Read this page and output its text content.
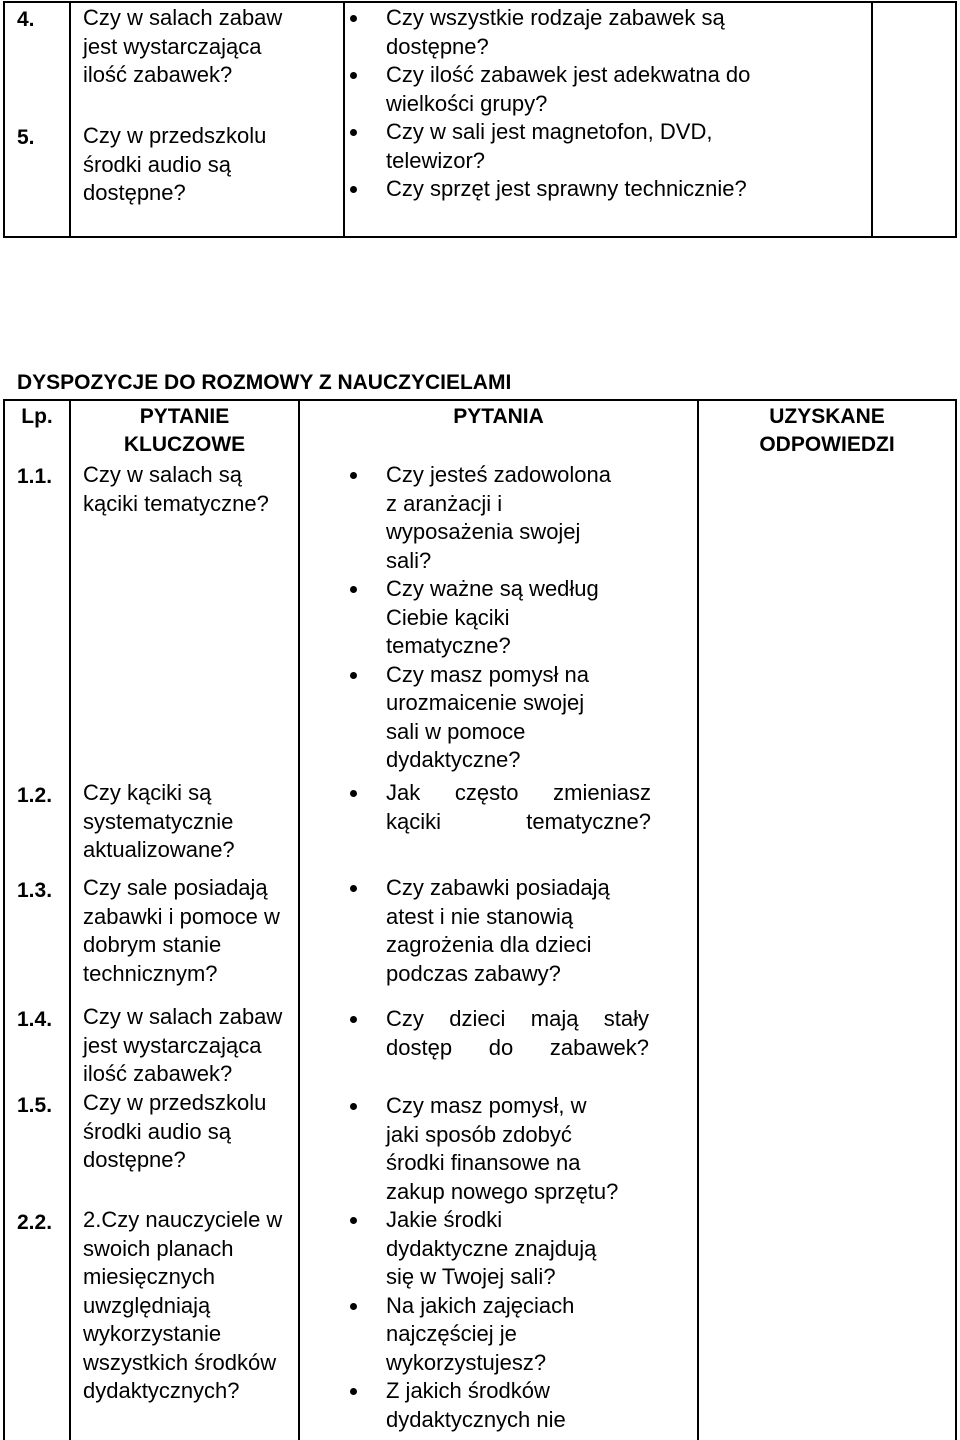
4. Czy w salach zabaw
jest wystarczająca
ilość zabawek?
5. Czy w przedszkolu
środki audio są
dostępne?
Czy wszystkie rodzaje zabawek są
dostępne?
Czy ilość zabawek jest adekwatna do
wielkości grupy?
Czy w sali jest magnetofon, DVD,
telewizor?
Czy sprzęt jest sprawny technicznie?
DYSPOZYCJE DO ROZMOWY Z NAUCZYCIELAMI
Lp.	PYTANIE
KLUCZOWE
PYTANIA	UZYSKANE
ODPOWIEDZI
1.1. Czy w salach są
kąciki tematyczne?
Czy jesteś zadowolona
z aranżacji i
wyposażenia swojej
sali?
Czy ważne są według
Ciebie kąciki
tematyczne?
Czy masz pomysł na
urozmaicenie swojej
sali w pomoce
dydaktyczne?
1.2. Czy kąciki są
systematycznie
aktualizowane?
Jak często zmieniasz
kąciki tematyczne?
1.3. Czy sale posiadają
zabawki i pomoce w
dobrym stanie
technicznym?
Czy zabawki posiadają
atest i nie stanowią
zagrożenia dla dzieci
podczas zabawy?
1.4. Czy w salach zabaw
jest wystarczająca
ilość zabawek?
Czy dzieci mają stały
dostęp do zabawek?
1.5. Czy w przedszkolu
środki audio są
dostępne?
Czy masz pomysł, w
jaki sposób zdobyć
środki finansowe na
zakup nowego sprzętu?
2.2. 2.Czy nauczyciele w
swoich planach
miesięcznych
uwzględniają
wykorzystanie
wszystkich środków
dydaktycznych?
Jakie środki
dydaktyczne znajdują
się w Twojej sali?
Na jakich zajęciach
najczęściej je
wykorzystujesz?
Z jakich środków
dydaktycznych nie
